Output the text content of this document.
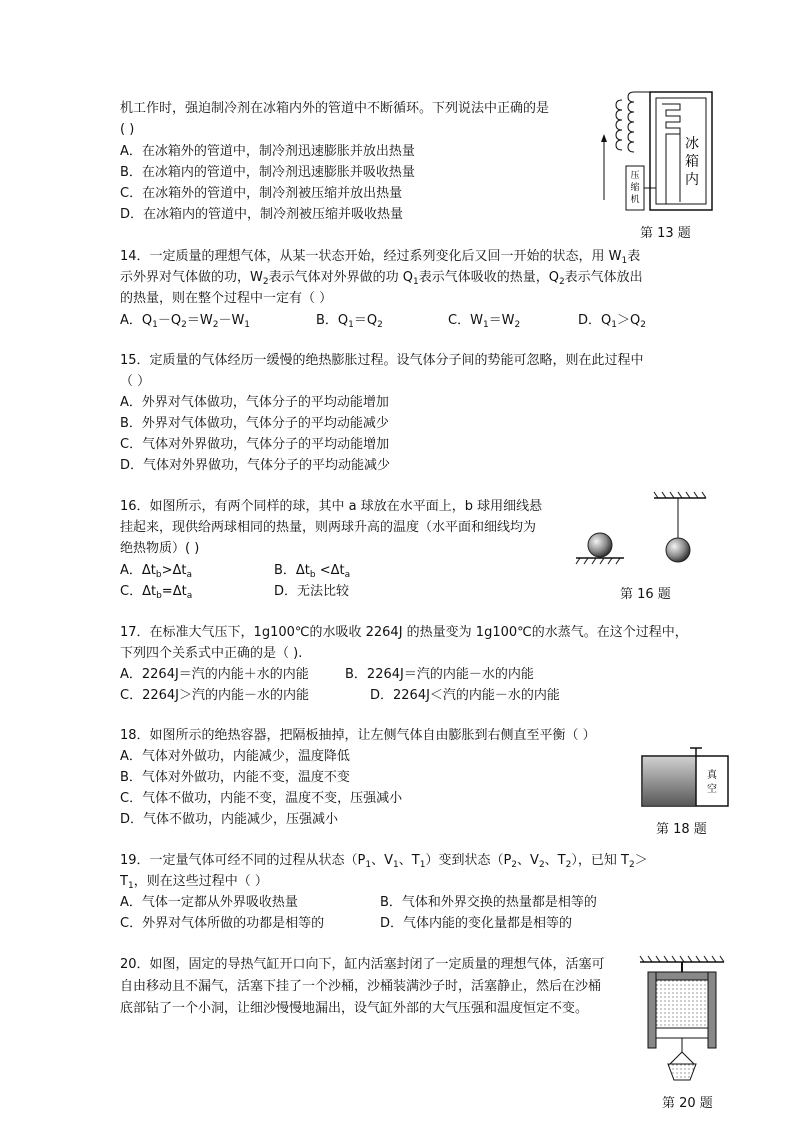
机工作时，强迫制冷剂在冰箱内外的管道中不断循环。下列说法中正确的是
( )
A．在冰箱外的管道中，制冷剂迅速膨胀并放出热量
B．在冰箱内的管道中，制冷剂迅速膨胀并吸收热量
C．在冰箱外的管道中，制冷剂被压缩并放出热量
D．在冰箱内的管道中，制冷剂被压缩并吸收热量
压
缩
机
冰
箱
内
第 13 题
14．一定质量的理想气体，从某一状态开始，经过系列变化后又回一开始的状态，用 $W_1$表
示外界对气体做的功，$W_2$表示气体对外界做的功 $Q_1$表示气体吸收的热量，$Q_2$表示气体放出
的热量，则在整个过程中一定有（ ）
A．$Q_1-Q_2=W_2-W_1$	B．$Q_1=Q_2$	C．$W_1=W_2$	D．$Q_1>Q_2$
15．定质量的气体经历一缓慢的绝热膨胀过程。设气体分子间的势能可忽略，则在此过程中
（ ）
A．外界对气体做功，气体分子的平均动能增加
B．外界对气体做功，气体分子的平均动能减少
C．气体对外界做功，气体分子的平均动能增加
D．气体对外界做功，气体分子的平均动能减少
16．如图所示，有两个同样的球，其中 a 球放在水平面上，b 球用细线悬
挂起来，现供给两球相同的热量，则两球升高的温度（水平面和细线均为
绝热物质）( )
A．$\Delta t_b>\Delta t_a$	B．$\Delta t_b <\Delta t_a$
C．$\Delta t_b=\Delta t_a$	D．无法比较	第 16 题
17．在标准大气压下，1g100℃的水吸收 2264J 的热量变为 1g100℃的水蒸气。在这个过程中，
下列四个关系式中正确的是（ ).
A．2264J＝汽的内能＋水的内能	B．2264J＝汽的内能－水的内能
C．2264J＞汽的内能－水的内能	D．2264J＜汽的内能－水的内能
18．如图所示的绝热容器，把隔板抽掉，让左侧气体自由膨胀到右侧直至平衡（ ）
A．气体对外做功，内能减少，温度降低
B．气体对外做功，内能不变，温度不变
C．气体不做功，内能不变，温度不变，压强减小
D．气体不做功，内能减少，压强减小
真
空
第 18 题
19．一定量气体可经不同的过程从状态（$P_1$、$V_1$、$T_1$）变到状态（$P_2$、$V_2$、$T_2$），已知 $T_2>$
$T_1$，则在这些过程中（ ）
A．气体一定都从外界吸收热量	B．气体和外界交换的热量都是相等的
C．外界对气体所做的功都是相等的	D．气体内能的变化量都是相等的
20．如图，固定的导热气缸开口向下，缸内活塞封闭了一定质量的理想气体，活塞可
自由移动且不漏气，活塞下挂了一个沙桶，沙桶装满沙子时，活塞静止，然后在沙桶
底部钻了一个小洞，让细沙慢慢地漏出，设气缸外部的大气压强和温度恒定不变。
第 20 题
